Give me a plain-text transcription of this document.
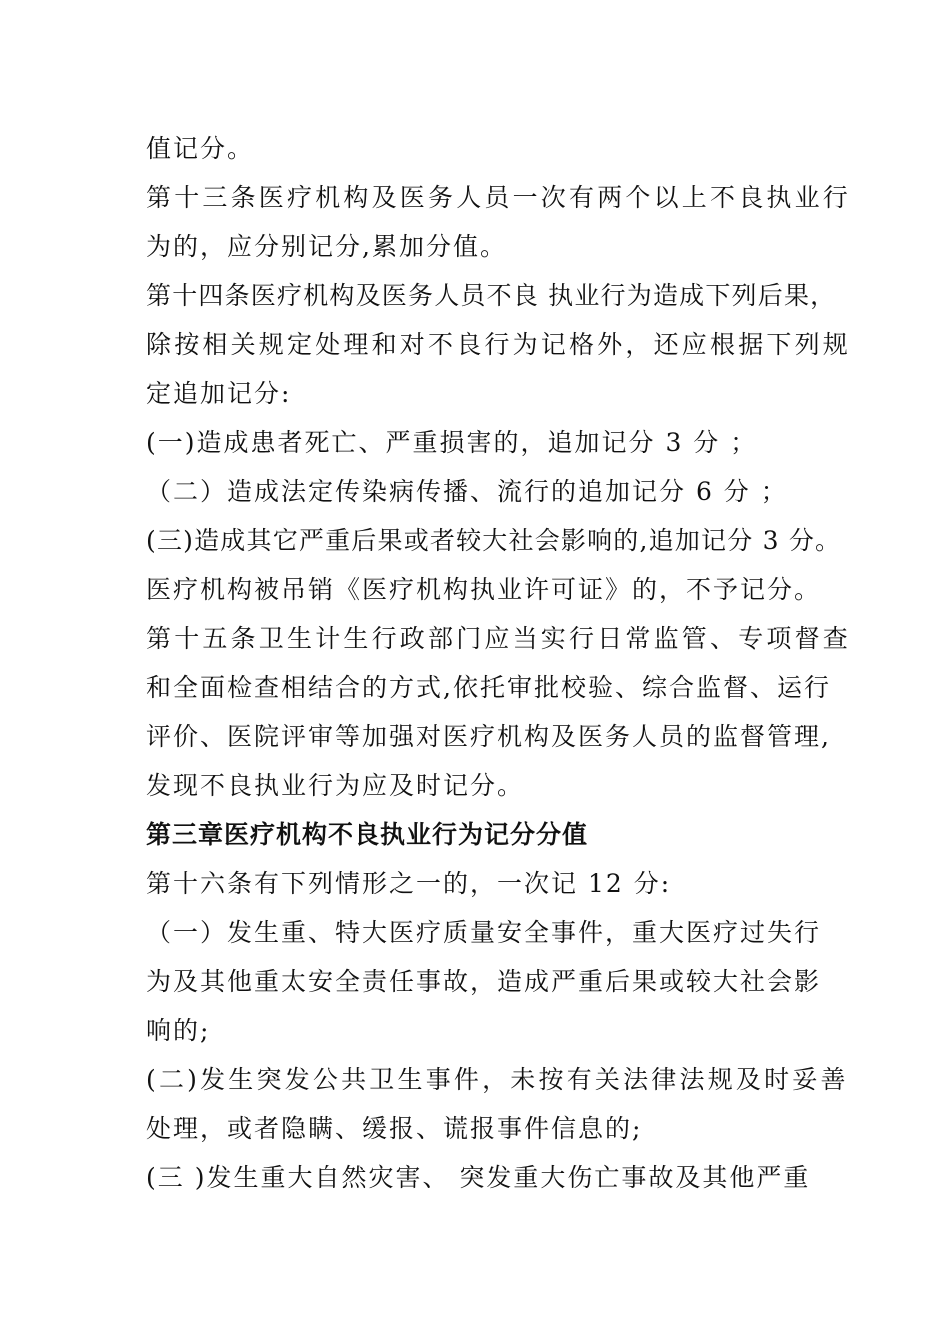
值记分。
第十三条医疗机构及医务人员一次有两个以上不良执业行
为的，应分别记分,累加分值。
第十四条医疗机构及医务人员不良 执业行为造成下列后果，
除按相关规定处理和对不良行为记格外，还应根据下列规
定追加记分:
(一)造成患者死亡、严重损害的，追加记分 3 分 ；
（二）造成法定传染病传播、流行的追加记分 6 分 ；
(三)造成其它严重后果或者较大社会影响的,追加记分 3 分。
医疗机构被吊销《医疗机构执业许可证》的，不予记分。
第十五条卫生计生行政部门应当实行日常监管、专项督查
和全面检查相结合的方式,依托审批校验、综合监督、运行
评价、医院评审等加强对医疗机构及医务人员的监督管理,
发现不良执业行为应及时记分。
第三章医疗机构不良执业行为记分分值
第十六条有下列情形之一的，一次记 12 分:
（一）发生重、特大医疗质量安全事件，重大医疗过失行
为及其他重太安全责任事故，造成严重后果或较大社会影
响的;
(二)发生突发公共卫生事件，未按有关法律法规及时妥善
处理，或者隐瞒、缓报、谎报事件信息的;
(三 )发生重大自然灾害、 突发重大伤亡事故及其他严重
